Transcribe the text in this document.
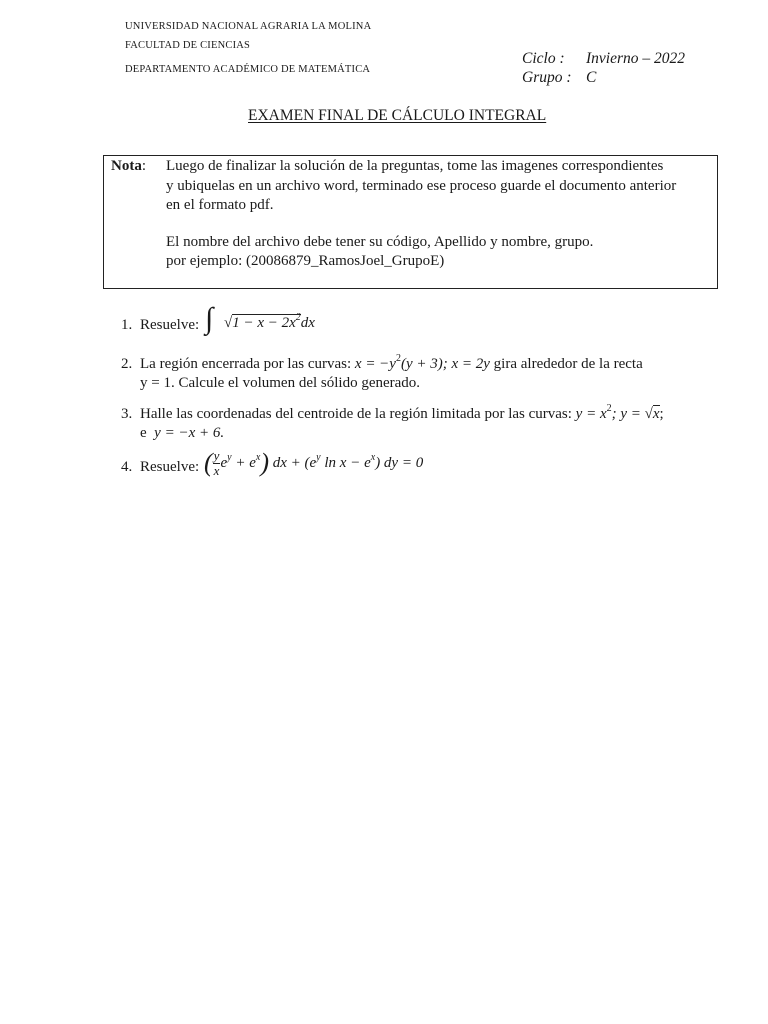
UNIVERSIDAD NACIONAL AGRARIA LA MOLINA
FACULTAD DE CIENCIAS
DEPARTAMENTO ACADÉMICO DE MATEMÁTICA
Ciclo : Invierno – 2022
Grupo : C
EXAMEN FINAL DE CÁLCULO INTEGRAL
Nota: Luego de finalizar la solución de la preguntas, tome las imagenes correspondientes
y ubiquelas en un archivo word, terminado ese proceso guarde el documento anterior
en el formato pdf.
El nombre del archivo debe tener su código, Apellido y nombre, grupo.
por ejemplo: (20086879_RamosJoel_GrupoE)
1. Resuelve: ∫ $√1 - x - 2x^2dx$
2. La región encerrada por las curvas: $x = -y^2(y + 3)$; x = 2y gira alrededor de la recta
y = 1. Calcule el volumen del sólido generado.
3. Halle las coordenadas del centroide de la región limitada por las curvas: $y = x^2$; y = √x;
e y = −x + 6.
4. Resuelve: ( $\frac{y}{x} e^y + e^x$) dx + ($e^y$ $\ln x - e^x$) dy = 0
